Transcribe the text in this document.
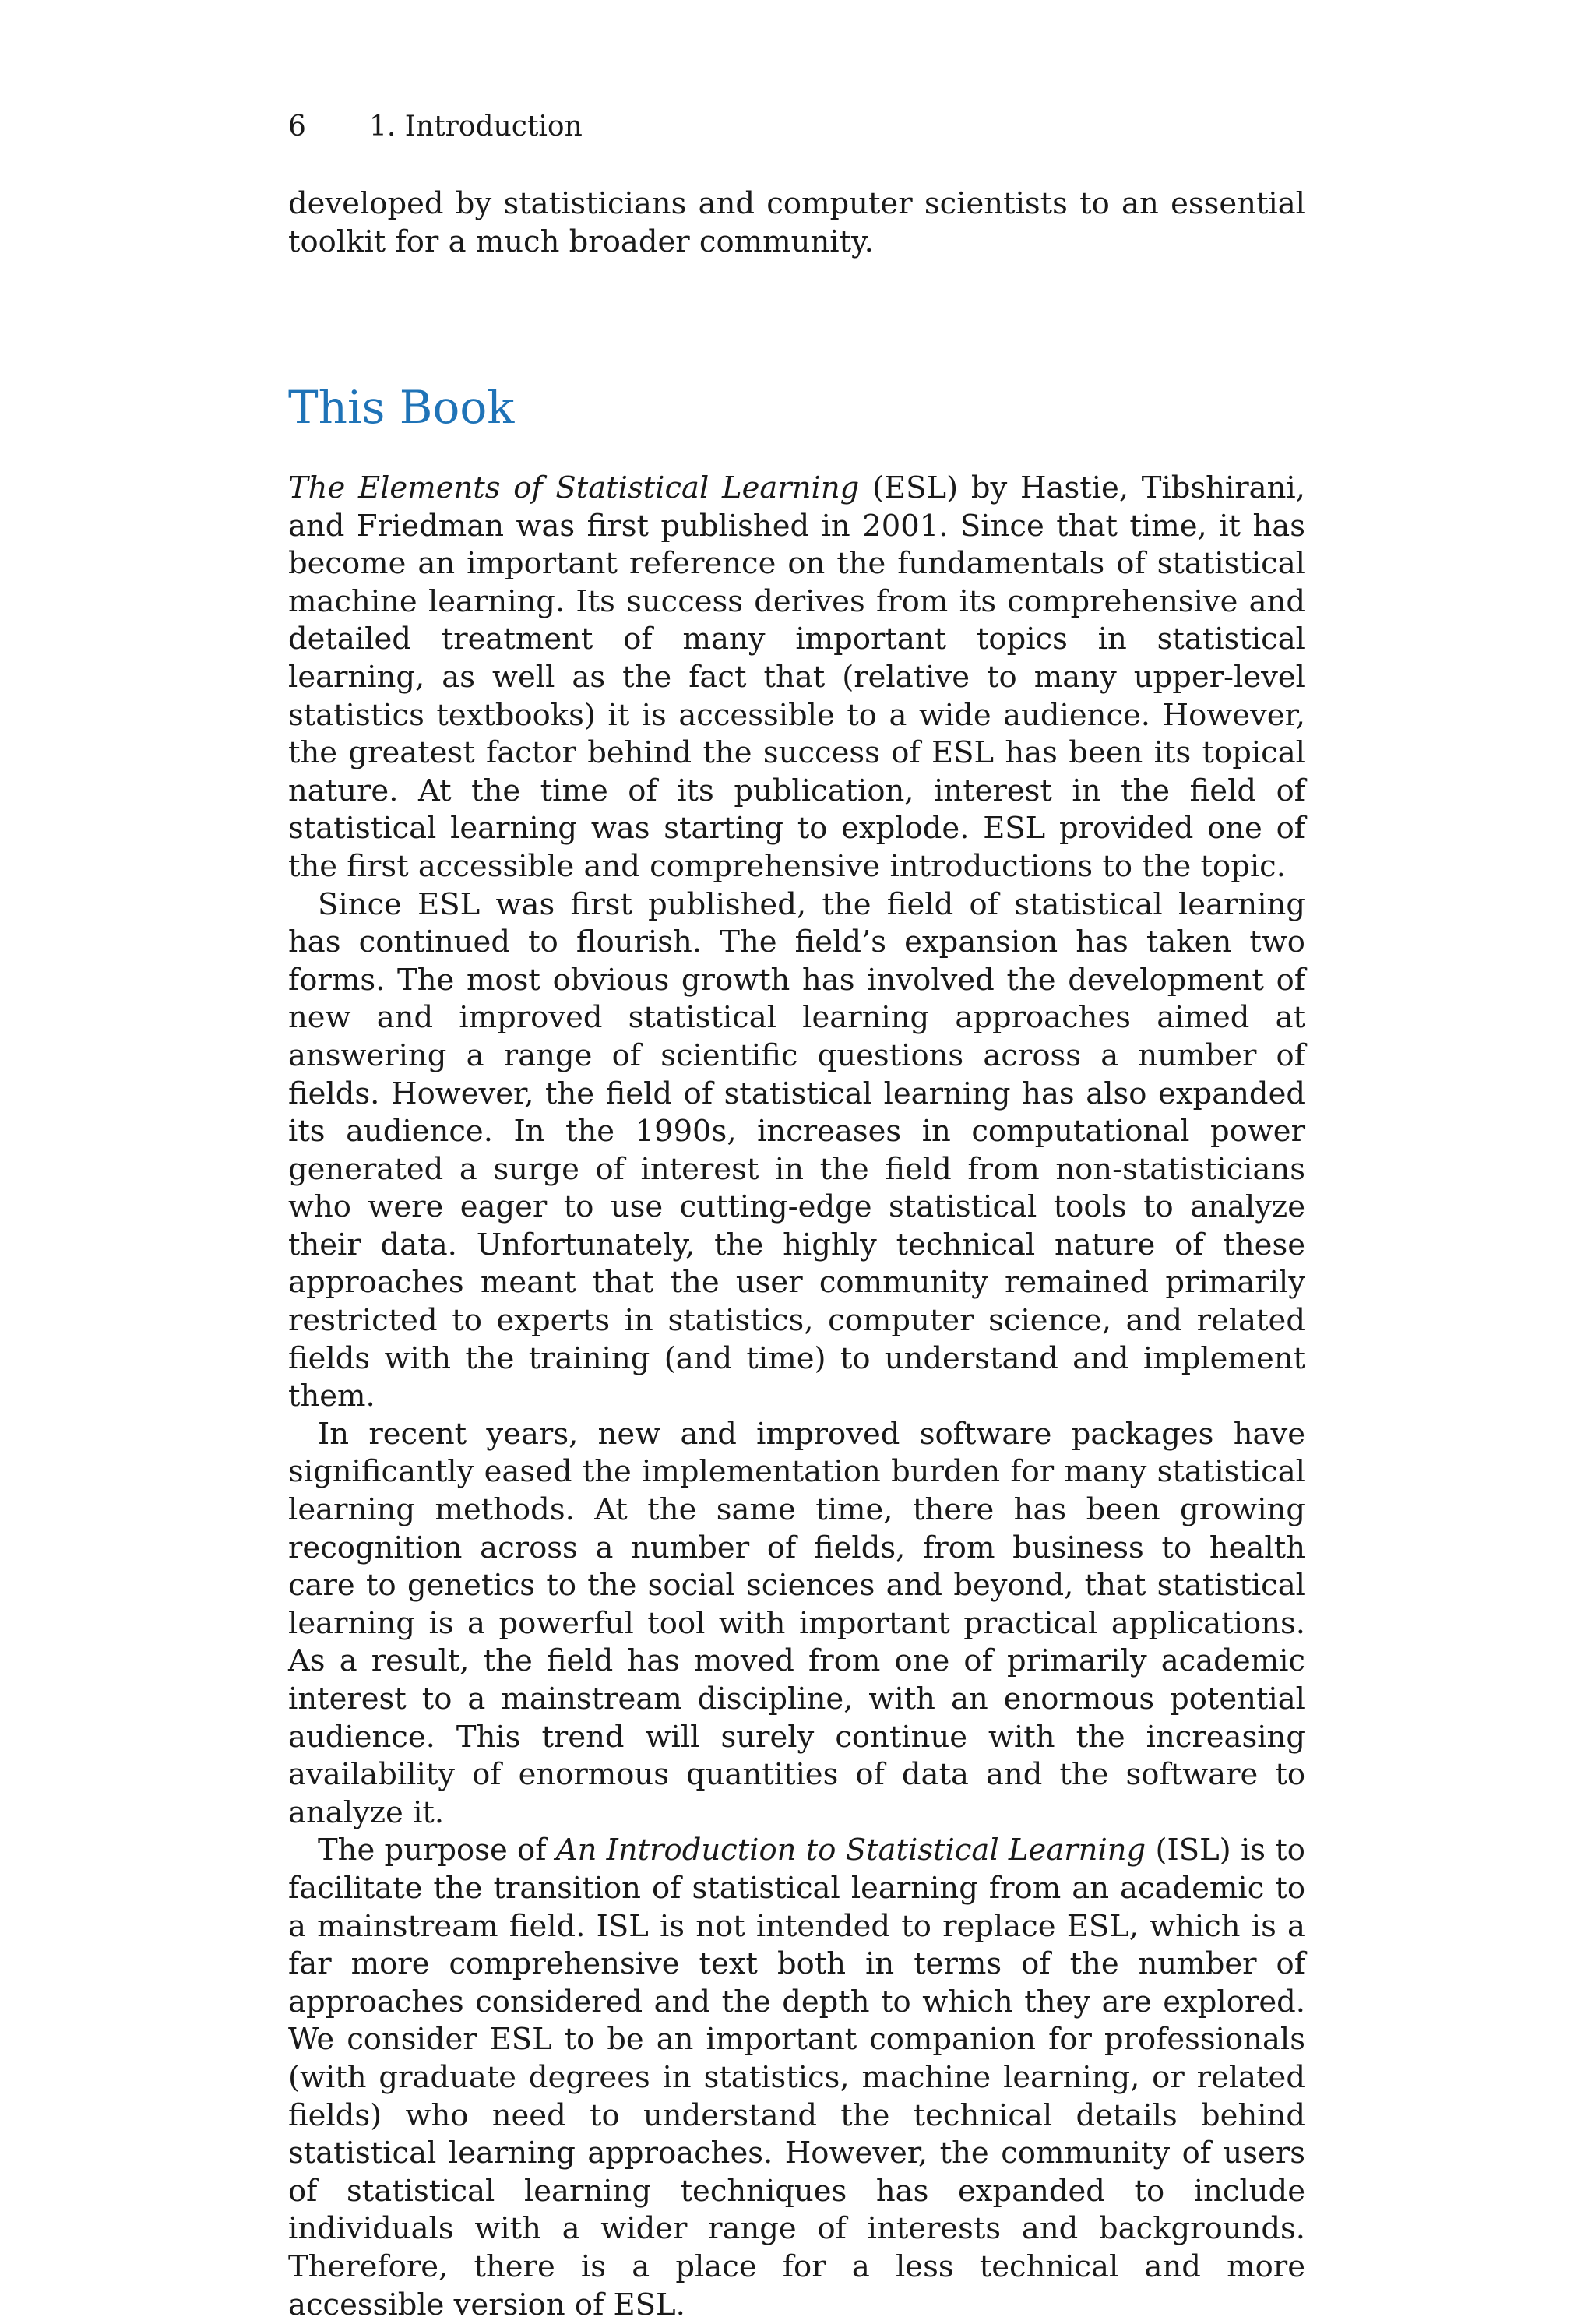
6 1. Introduction
developed by statisticians and computer scientists to an essential toolkit for a much broader community.
This Book

The Elements of Statistical Learning (ESL) by Hastie, Tibshirani, and Friedman was first published in 2001. Since that time, it has become an important reference on the fundamentals of statistical machine learning. Its success derives from its comprehensive and detailed treatment of many important topics in statistical learning, as well as the fact that (relative to many upper-level statistics textbooks) it is accessible to a wide audience. However, the greatest factor behind the success of ESL has been its topical nature. At the time of its publication, interest in the field of statistical learning was starting to explode. ESL provided one of the first accessible and comprehensive introductions to the topic.

Since ESL was first published, the field of statistical learning has continued to flourish. The field’s expansion has taken two forms. The most obvious growth has involved the development of new and improved statistical learning approaches aimed at answering a range of scientific questions across a number of fields. However, the field of statistical learning has also expanded its audience. In the 1990s, increases in computational power generated a surge of interest in the field from non-statisticians who were eager to use cutting-edge statistical tools to analyze their data. Unfortunately, the highly technical nature of these approaches meant that the user community remained primarily restricted to experts in statistics, computer science, and related fields with the training (and time) to understand and implement them.

In recent years, new and improved software packages have significantly eased the implementation burden for many statistical learning methods. At the same time, there has been growing recognition across a number of fields, from business to health care to genetics to the social sciences and beyond, that statistical learning is a powerful tool with important practical applications. As a result, the field has moved from one of primarily academic interest to a mainstream discipline, with an enormous potential audience. This trend will surely continue with the increasing availability of enormous quantities of data and the software to analyze it.

The purpose of An Introduction to Statistical Learning (ISL) is to facilitate the transition of statistical learning from an academic to a mainstream field. ISL is not intended to replace ESL, which is a far more comprehensive text both in terms of the number of approaches considered and the depth to which they are explored. We consider ESL to be an important companion for professionals (with graduate degrees in statistics, machine learning, or related fields) who need to understand the technical details behind statistical learning approaches. However, the community of users of statistical learning techniques has expanded to include individuals with a wider range of interests and backgrounds. Therefore, there is a place for a less technical and more accessible version of ESL.
